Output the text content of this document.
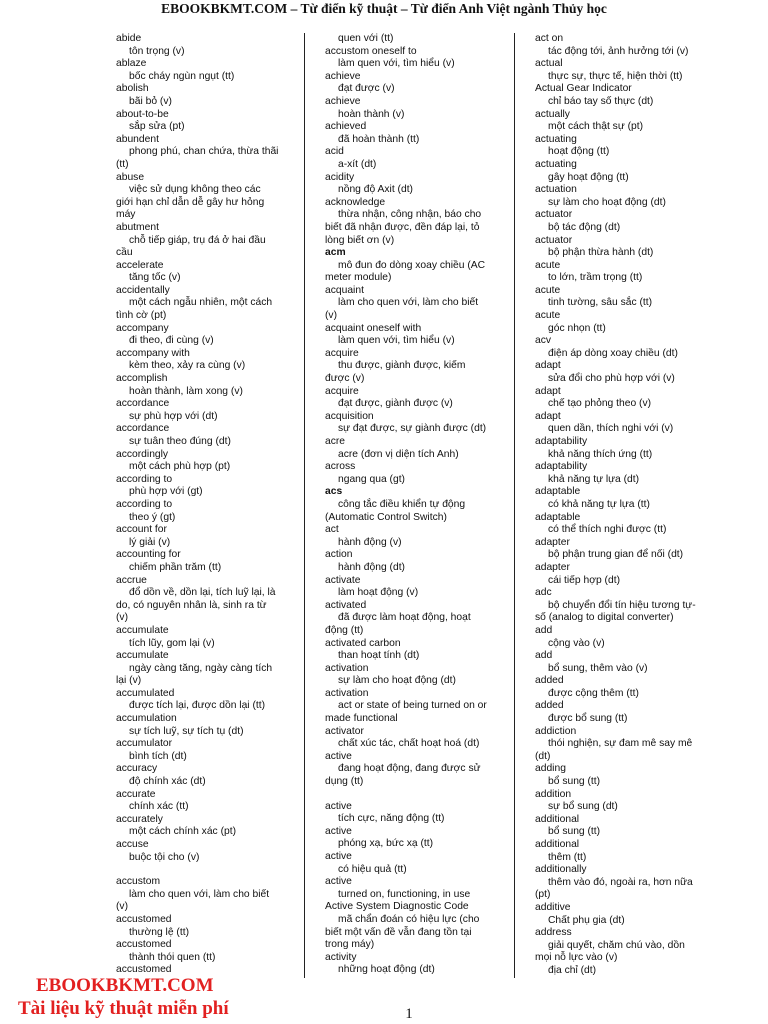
EBOOKBKMT.COM – Từ điển kỹ thuật – Từ điển Anh Việt ngành Thủy học
abide
tôn trọng (v)
ablaze
bốc cháy ngùn ngụt (tt)
abolish
bãi bỏ (v)
about-to-be
sắp sửa (pt)
abundent
phong phú, chan chứa, thừa thãi
(tt)
abuse
việc sử dụng không theo các
giới hạn chỉ dẫn dễ gây hư hỏng
máy
abutment
chỗ tiếp giáp, trụ đá ở hai đầu
cầu
accelerate
tăng tốc (v)
accidentally
một cách ngẫu nhiên, một cách
tình cờ (pt)
accompany
đi theo, đi cùng (v)
accompany with
kèm theo, xảy ra cùng (v)
accomplish
hoàn thành, làm xong (v)
accordance
sự phù hợp với (dt)
accordance
sự tuân theo đúng (dt)
accordingly
một cách phù hợp (pt)
according to
phù hợp với (gt)
according to
theo ý (gt)
account for
lý giải (v)
accounting for
chiếm phần trăm (tt)
accrue
đổ dồn về, dồn lại, tích luỹ lại, là
do, có nguyên nhân là, sinh ra từ
(v)
accumulate
tích lũy, gom lại (v)
accumulate
ngày càng tăng, ngày càng tích
lại (v)
accumulated
được tích lại, được dồn lại (tt)
accumulation
sự tích luỹ, sự tích tụ (dt)
accumulator
bình tích (dt)
accuracy
độ chính xác (dt)
accurate
chính xác (tt)
accurately
một cách chính xác (pt)
accuse
buộc tội cho (v)
accustom
làm cho quen với, làm cho biết
(v)
accustomed
thường lệ (tt)
accustomed
thành thói quen (tt)
accustomed
quen với (tt)
accustom oneself to
làm quen với, tìm hiểu (v)
achieve
đạt được (v)
achieve
hoàn thành (v)
achieved
đã hoàn thành (tt)
acid
a-xít (dt)
acidity
nồng độ Axit (dt)
acknowledge
thừa nhận, công nhận, báo cho
biết đã nhận được, đền đáp lại, tỏ
lòng biết ơn (v)
acm
mô đun đo dòng xoay chiều (AC
meter module)
acquaint
làm cho quen với, làm cho biết
(v)
acquaint oneself with
làm quen với, tìm hiểu (v)
acquire
thu được, giành được, kiếm
được (v)
acquire
đạt được, giành được (v)
acquisition
sự đạt được, sự giành được (dt)
acre
acre (đơn vị diện tích Anh)
across
ngang qua (gt)
acs
công tắc điều khiển tự động
(Automatic Control Switch)
act
hành động (v)
action
hành động (dt)
activate
làm hoạt động (v)
activated
đã được làm hoạt động, hoạt
động (tt)
activated carbon
than hoạt tính (dt)
activation
sự làm cho hoạt động (dt)
activation
act or state of being turned on or
made functional
activator
chất xúc tác, chất hoạt hoá (dt)
active
đang hoạt động, đang được sử
dụng (tt)
active
tích cực, năng động (tt)
active
phóng xạ, bức xạ (tt)
active
có hiệu quả (tt)
active
turned on, functioning, in use
Active System Diagnostic Code
mã chẩn đoán có hiệu lực (cho
biết một vấn đề vẫn đang tồn tại
trong máy)
activity
những hoạt động (dt)
act on
tác động tới, ảnh hưởng tới (v)
actual
thực sự, thực tế, hiện thời (tt)
Actual Gear Indicator
chỉ báo tay số thực (dt)
actually
một cách thật sự (pt)
actuating
hoạt động (tt)
actuating
gây hoạt động (tt)
actuation
sự làm cho hoạt động (dt)
actuator
bộ tác động (dt)
actuator
bộ phận thừa hành (dt)
acute
to lớn, trầm trọng (tt)
acute
tinh tường, sâu sắc (tt)
acute
góc nhọn (tt)
acv
điện áp dòng xoay chiều (dt)
adapt
sửa đổi cho phù hợp với (v)
adapt
chế tạo phỏng theo (v)
adapt
quen dần, thích nghi với (v)
adaptability
khả năng thích ứng (tt)
adaptability
khả năng tự lựa (dt)
adaptable
có khả năng tự lựa (tt)
adaptable
có thể thích nghi được (tt)
adapter
bộ phận trung gian để nối (dt)
adapter
cái tiếp hợp (dt)
adc
bộ chuyển đổi tín hiệu tương tự-
số (analog to digital converter)
add
cộng vào (v)
add
bổ sung, thêm vào (v)
added
được cộng thêm (tt)
added
được bổ sung (tt)
addiction
thói nghiện, sự đam mê say mê
(dt)
adding
bổ sung (tt)
addition
sự bổ sung (dt)
additional
bổ sung (tt)
additional
thêm (tt)
additionally
thêm vào đó, ngoài ra, hơn nữa
(pt)
additive
Chất phụ gia (dt)
address
giải quyết, chăm chú vào, dồn
mọi nỗ lực vào (v)
địa chỉ (dt)
EBOOKBKMT.COM
Tài liệu kỹ thuật miễn phí	1
